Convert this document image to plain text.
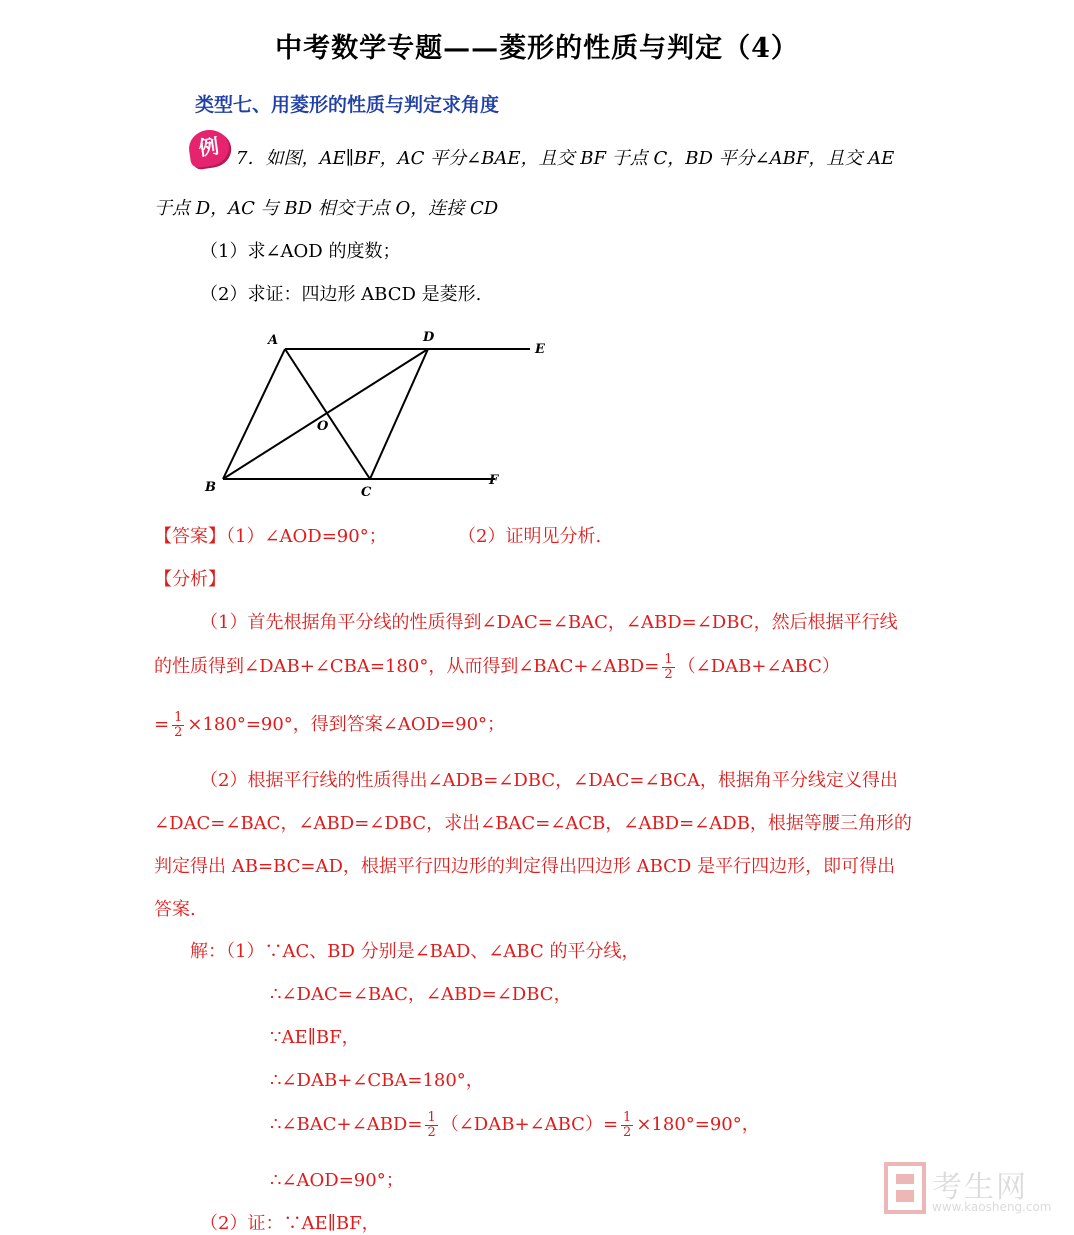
中考数学专题——菱形的性质与判定（4）
类型七、用菱形的性质与判定求角度
例 7．如图，AE∥BF，AC 平分∠BAE，且交 BF 于点 C，BD 平分∠ABF，且交 AE
于点 D，AC 与 BD 相交于点 O，连接 CD
（1）求∠AOD 的度数；
（2）求证：四边形 ABCD 是菱形.
A	D
E
O
B	C
F
【答案】（1）∠AOD=90°；	（2）证明见分析.
【分析】
（1）首先根据角平分线的性质得到∠DAC=∠BAC，∠ABD=∠DBC，然后根据平行线
的性质得到∠DAB+∠CBA=180°，从而得到∠BAC+∠ABD= $\frac{1}{2}$ （∠DAB+∠ABC）
= $\frac{1}{2} \times 180^\circ=90^\circ$，得到答案∠AOD=90°；
（2）根据平行线的性质得出∠ADB=∠DBC，∠DAC=∠BCA，根据角平分线定义得出
∠DAC=∠BAC，∠ABD=∠DBC，求出∠BAC=∠ACB，∠ABD=∠ADB，根据等腰三角形的
判定得出 AB=BC=AD，根据平行四边形的判定得出四边形 ABCD 是平行四边形，即可得出
答案.
解：（1）∵AC、BD 分别是∠BAD、∠ABC 的平分线，
∴∠DAC=∠BAC，∠ABD=∠DBC，
∵AE∥BF，
∴∠DAB+∠CBA=180°，
∴∠BAC+∠ABD= $\frac{1}{2}$ （∠DAB+∠ABC）= $\frac{1}{2} \times 180^\circ=90^\circ$，
∴∠AOD=90°；
（2）证：∵AE∥BF，
考生网
www.kaosheng.com
